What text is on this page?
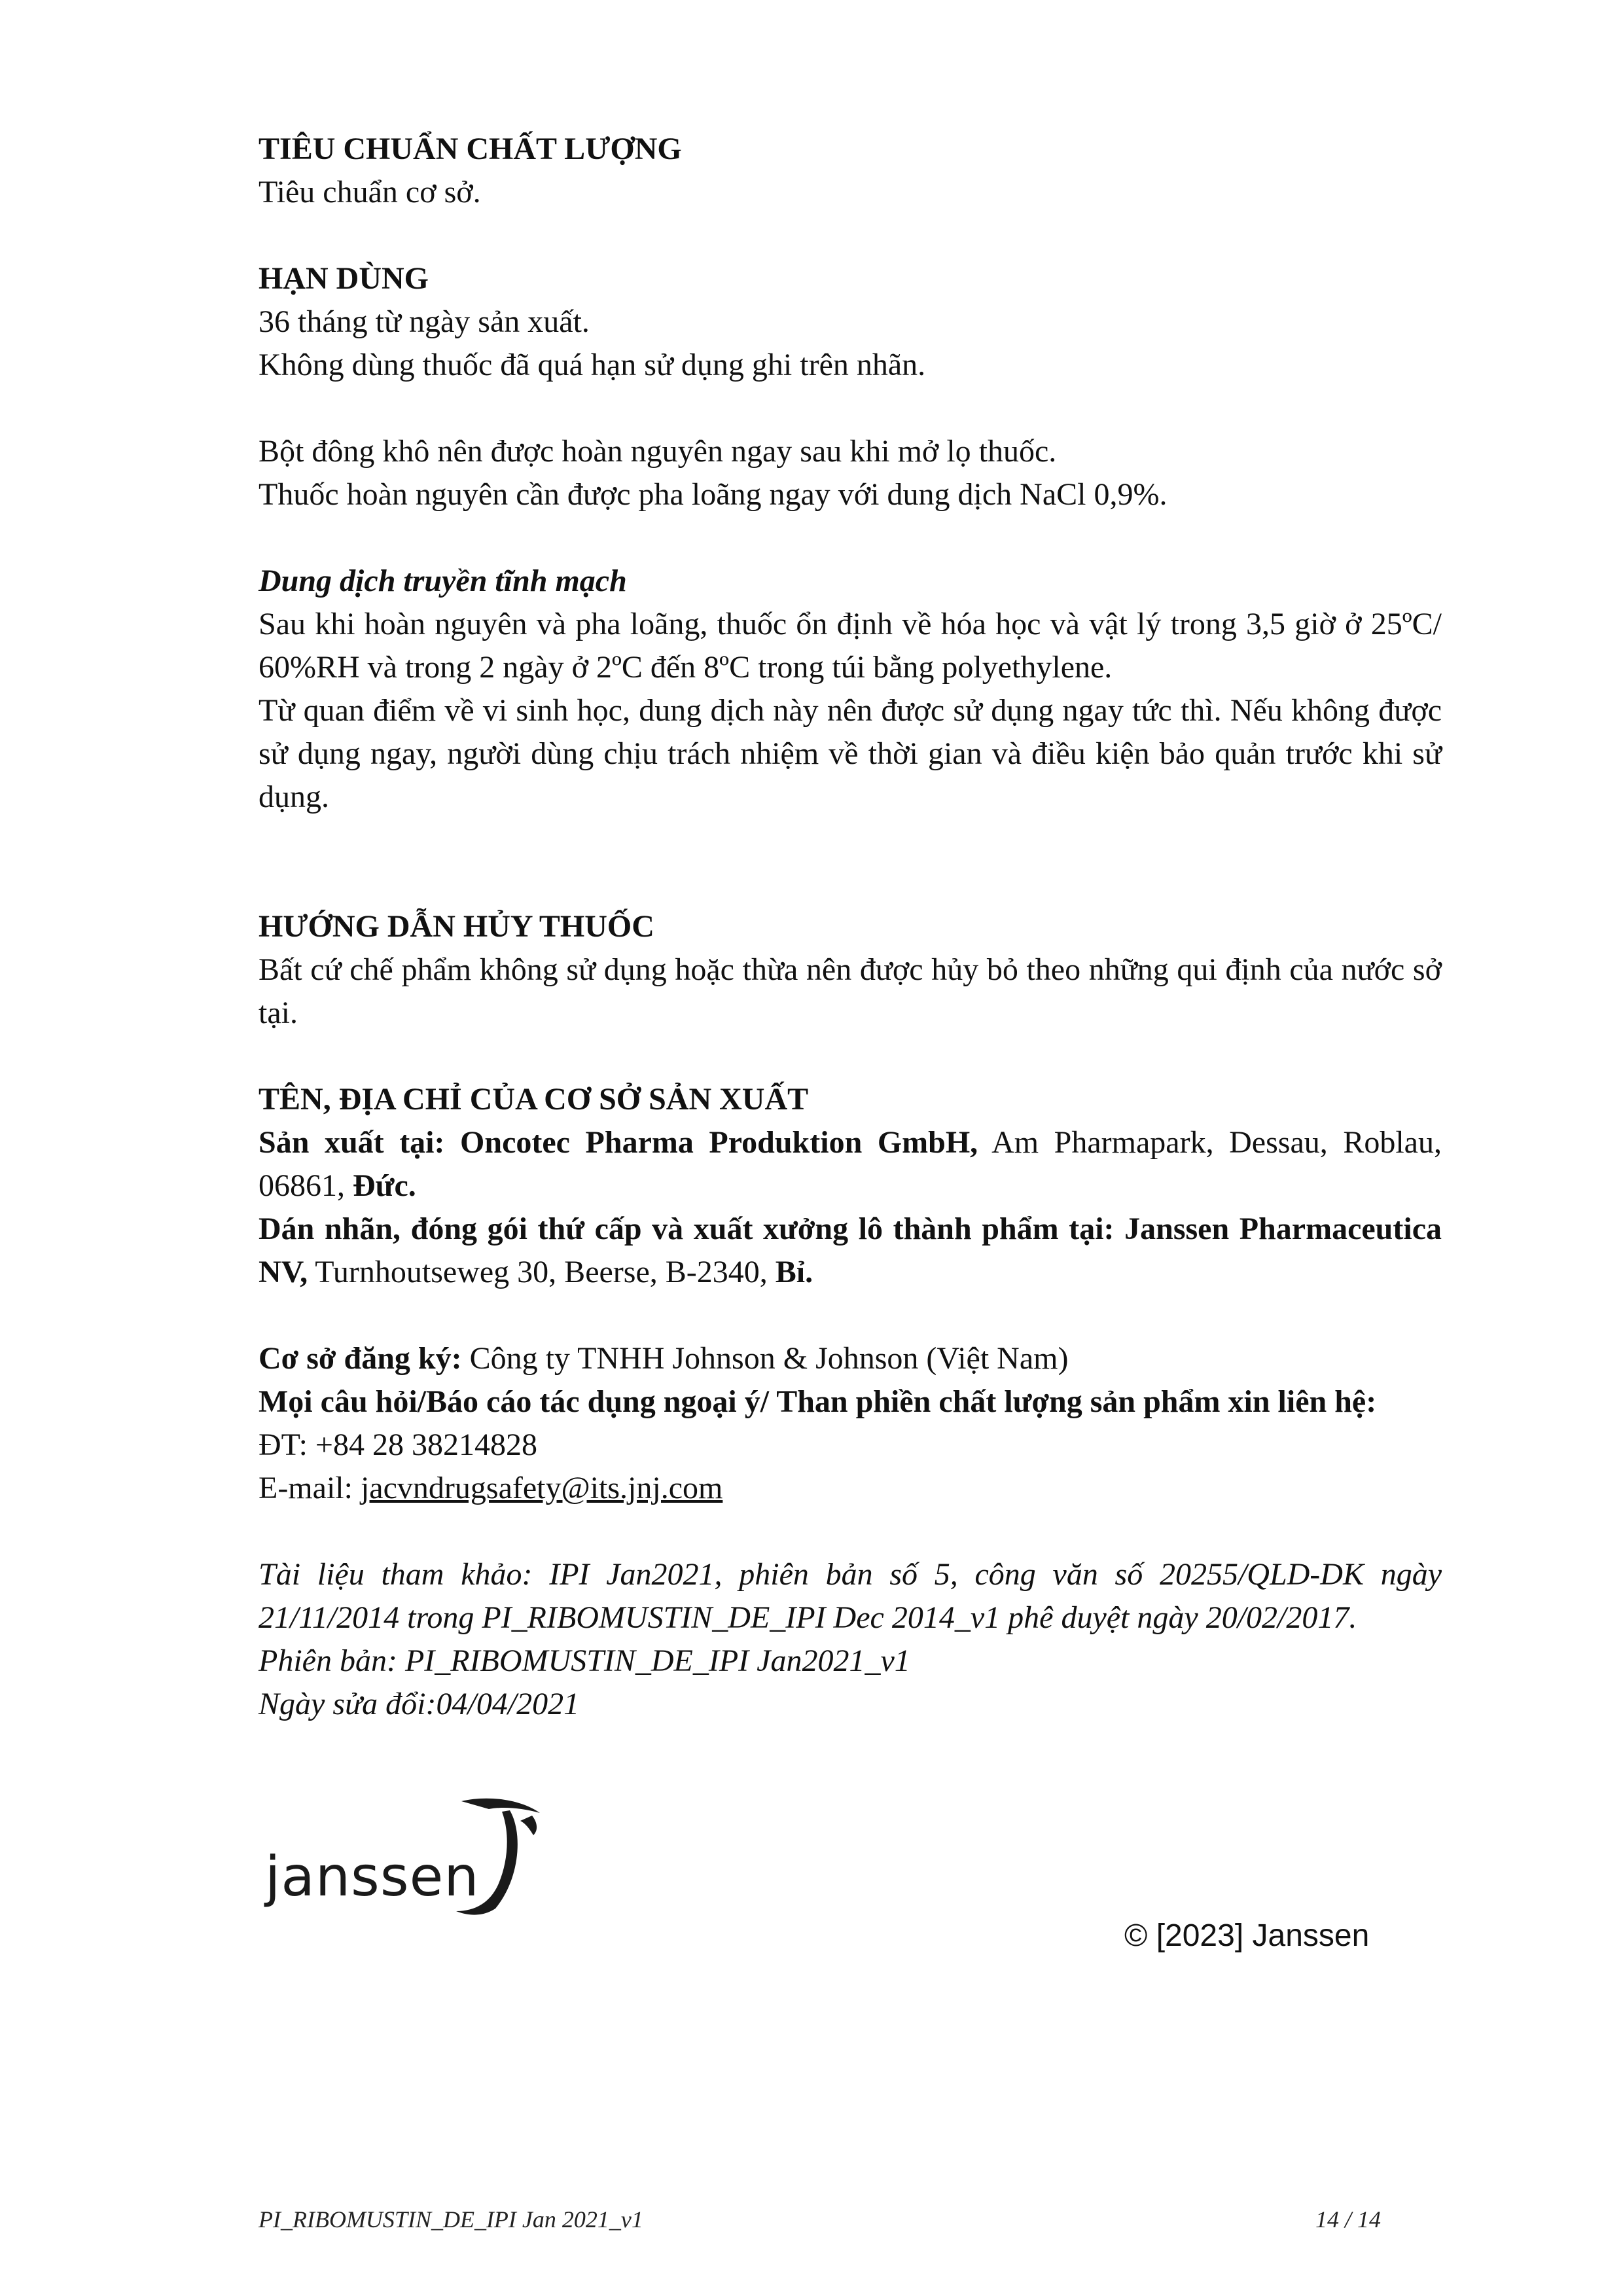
TIÊU CHUẨN CHẤT LƯỢNG

Tiêu chuẩn cơ sở.

HẠN DÙNG

36 tháng từ ngày sản xuất.

Không dùng thuốc đã quá hạn sử dụng ghi trên nhãn.

Bột đông khô nên được hoàn nguyên ngay sau khi mở lọ thuốc.

Thuốc hoàn nguyên cần được pha loãng ngay với dung dịch NaCl 0,9%.

Dung dịch truyền tĩnh mạch

Sau khi hoàn nguyên và pha loãng, thuốc ổn định về hóa học và vật lý trong 3,5 giờ ở 25ºC/ 60%RH và trong 2 ngày ở 2ºC đến 8ºC trong túi bằng polyethylene.

Từ quan điểm về vi sinh học, dung dịch này nên được sử dụng ngay tức thì. Nếu không được sử dụng ngay, người dùng chịu trách nhiệm về thời gian và điều kiện bảo quản trước khi sử dụng.

HƯỚNG DẪN HỦY THUỐC

Bất cứ chế phẩm không sử dụng hoặc thừa nên được hủy bỏ theo những qui định của nước sở tại.

TÊN, ĐỊA CHỈ CỦA CƠ SỞ SẢN XUẤT

Sản xuất tại: Oncotec Pharma Produktion GmbH, Am Pharmapark, Dessau, Roblau, 06861, Đức.

Dán nhãn, đóng gói thứ cấp và xuất xưởng lô thành phẩm tại: Janssen Pharmaceutica NV, Turnhoutseweg 30, Beerse, B-2340, Bỉ.

Cơ sở đăng ký: Công ty TNHH Johnson & Johnson (Việt Nam)

Mọi câu hỏi/Báo cáo tác dụng ngoại ý/ Than phiền chất lượng sản phẩm xin liên hệ:

ĐT: +84 28 38214828

E-mail: jacvndrugsafety@its.jnj.com

Tài liệu tham khảo: IPI Jan2021, phiên bản số 5, công văn số 20255/QLD-DK ngày 21/11/2014 trong PI_RIBOMUSTIN_DE_IPI Dec 2014_v1 phê duyệt ngày 20/02/2017.

Phiên bản: PI_RIBOMUSTIN_DE_IPI Jan2021_v1

Ngày sửa đổi:04/04/2021

janssen
© [2023] Janssen
PI_RIBOMUSTIN_DE_IPI Jan 2021_v1	14 / 14
